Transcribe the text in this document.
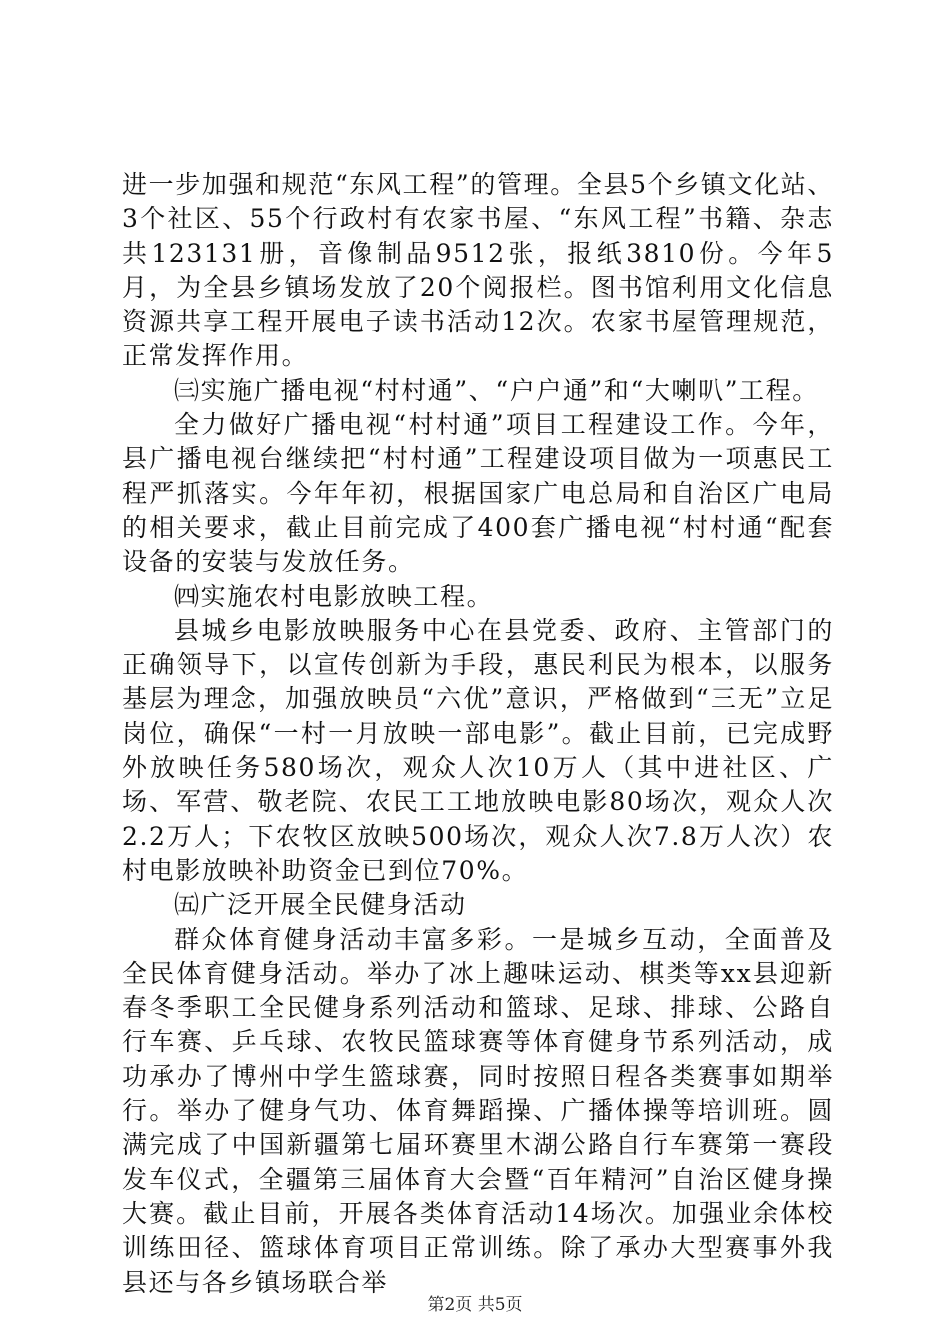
进一步加强和规范“东风工程”的管理。全县5个乡镇文化站、3个社区、55个行政村有农家书屋、“东风工程”书籍、杂志共123131册，音像制品9512张，报纸3810份。今年5月，为全县乡镇场发放了20个阅报栏。图书馆利用文化信息资源共享工程开展电子读书活动12次。农家书屋管理规范，正常发挥作用。

㈢实施广播电视“村村通”、“户户通”和“大喇叭”工程。

全力做好广播电视“村村通”项目工程建设工作。今年，县广播电视台继续把“村村通”工程建设项目做为一项惠民工程严抓落实。今年年初，根据国家广电总局和自治区广电局的相关要求，截止目前完成了400套广播电视“村村通“配套设备的安装与发放任务。

㈣实施农村电影放映工程。

县城乡电影放映服务中心在县党委、政府、主管部门的正确领导下，以宣传创新为手段，惠民利民为根本，以服务基层为理念，加强放映员“六优”意识，严格做到“三无”立足岗位，确保“一村一月放映一部电影”。截止目前，已完成野外放映任务580场次，观众人次10万人（其中进社区、广场、军营、敬老院、农民工工地放映电影80场次，观众人次2.2万人；下农牧区放映500场次，观众人次7.8万人次）农村电影放映补助资金已到位70%。

㈤广泛开展全民健身活动

群众体育健身活动丰富多彩。一是城乡互动，全面普及全民体育健身活动。举办了冰上趣味运动、棋类等xx县迎新春冬季职工全民健身系列活动和篮球、足球、排球、公路自行车赛、乒乓球、农牧民篮球赛等体育健身节系列活动，成功承办了博州中学生篮球赛，同时按照日程各类赛事如期举行。举办了健身气功、体育舞蹈操、广播体操等培训班。圆满完成了中国新疆第七届环赛里木湖公路自行车赛第一赛段发车仪式，全疆第三届体育大会暨“百年精河”自治区健身操大赛。截止目前，开展各类体育活动14场次。加强业余体校训练田径、篮球体育项目正常训练。除了承办大型赛事外我县还与各乡镇场联合举

第2页 共5页
